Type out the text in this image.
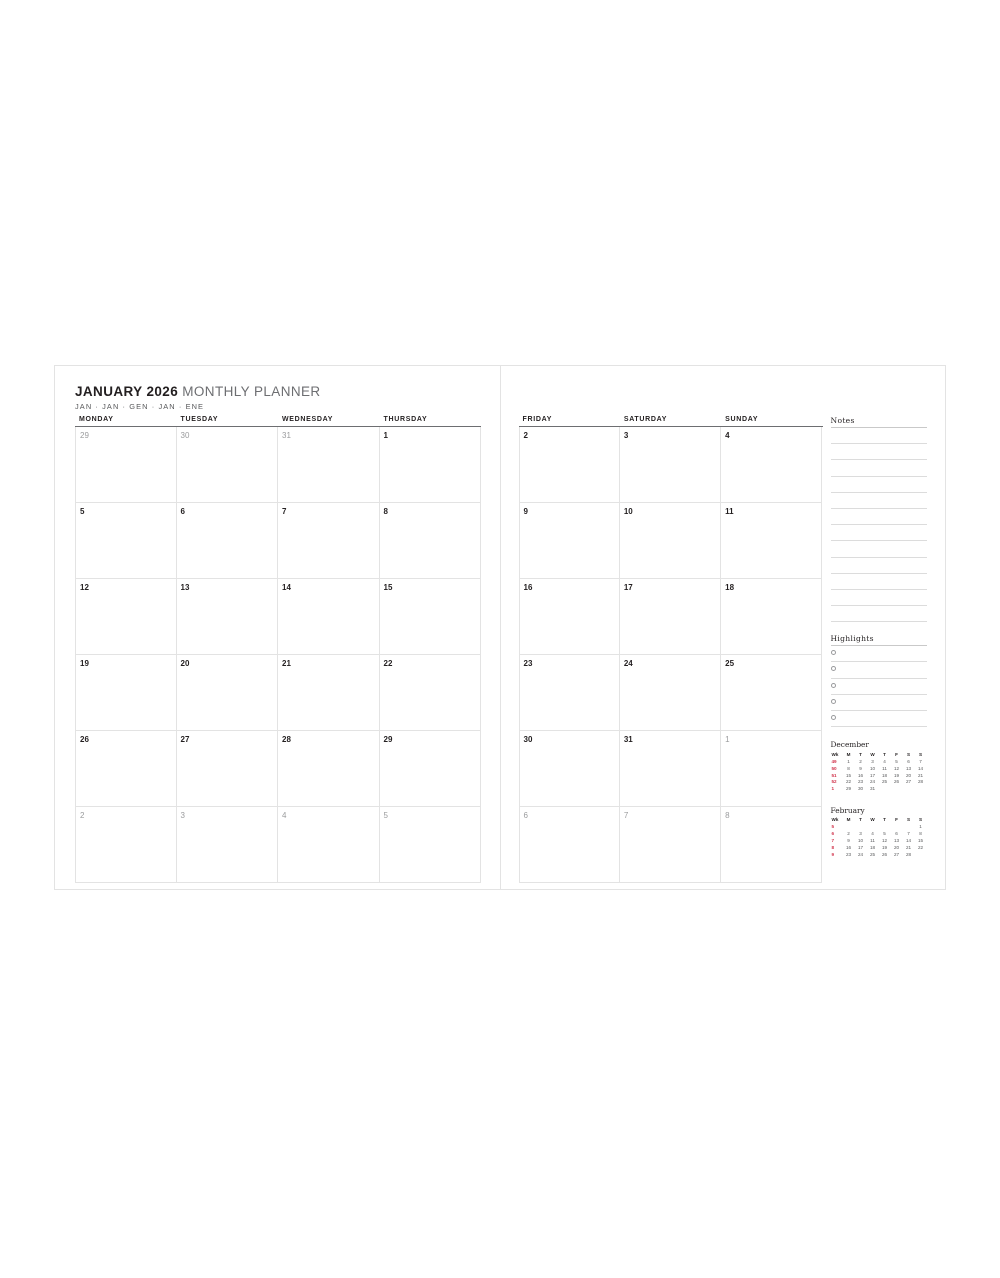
JANUARY 2026 MONTHLY PLANNER
JAN · JAN · GEN · JAN · ENE
MONDAY	TUESDAY	WEDNESDAY	THURSDAY
29	30	31	1
5	6	7	8
12	13	14	15
19	20	21	22
26	27	28	29
2	3	4	5
FRIDAY	SATURDAY	SUNDAY
2	3	4
9	10	11
16	17	18
23	24	25
30	31	1
6	7	8
Notes
Highlights
December
Wk	M	T	W	T	F	S	S
49	1	2	3	4	5	6	7
50	8	9	10	11	12	13	14
51	15	16	17	18	19	20	21
52	22	23	24	25	26	27	28
1	29	30	31				
February
Wk	M	T	W	T	F	S	S
5							1
6	2	3	4	5	6	7	8
7	9	10	11	12	13	14	15
8	16	17	18	19	20	21	22
9	23	24	25	26	27	28	
